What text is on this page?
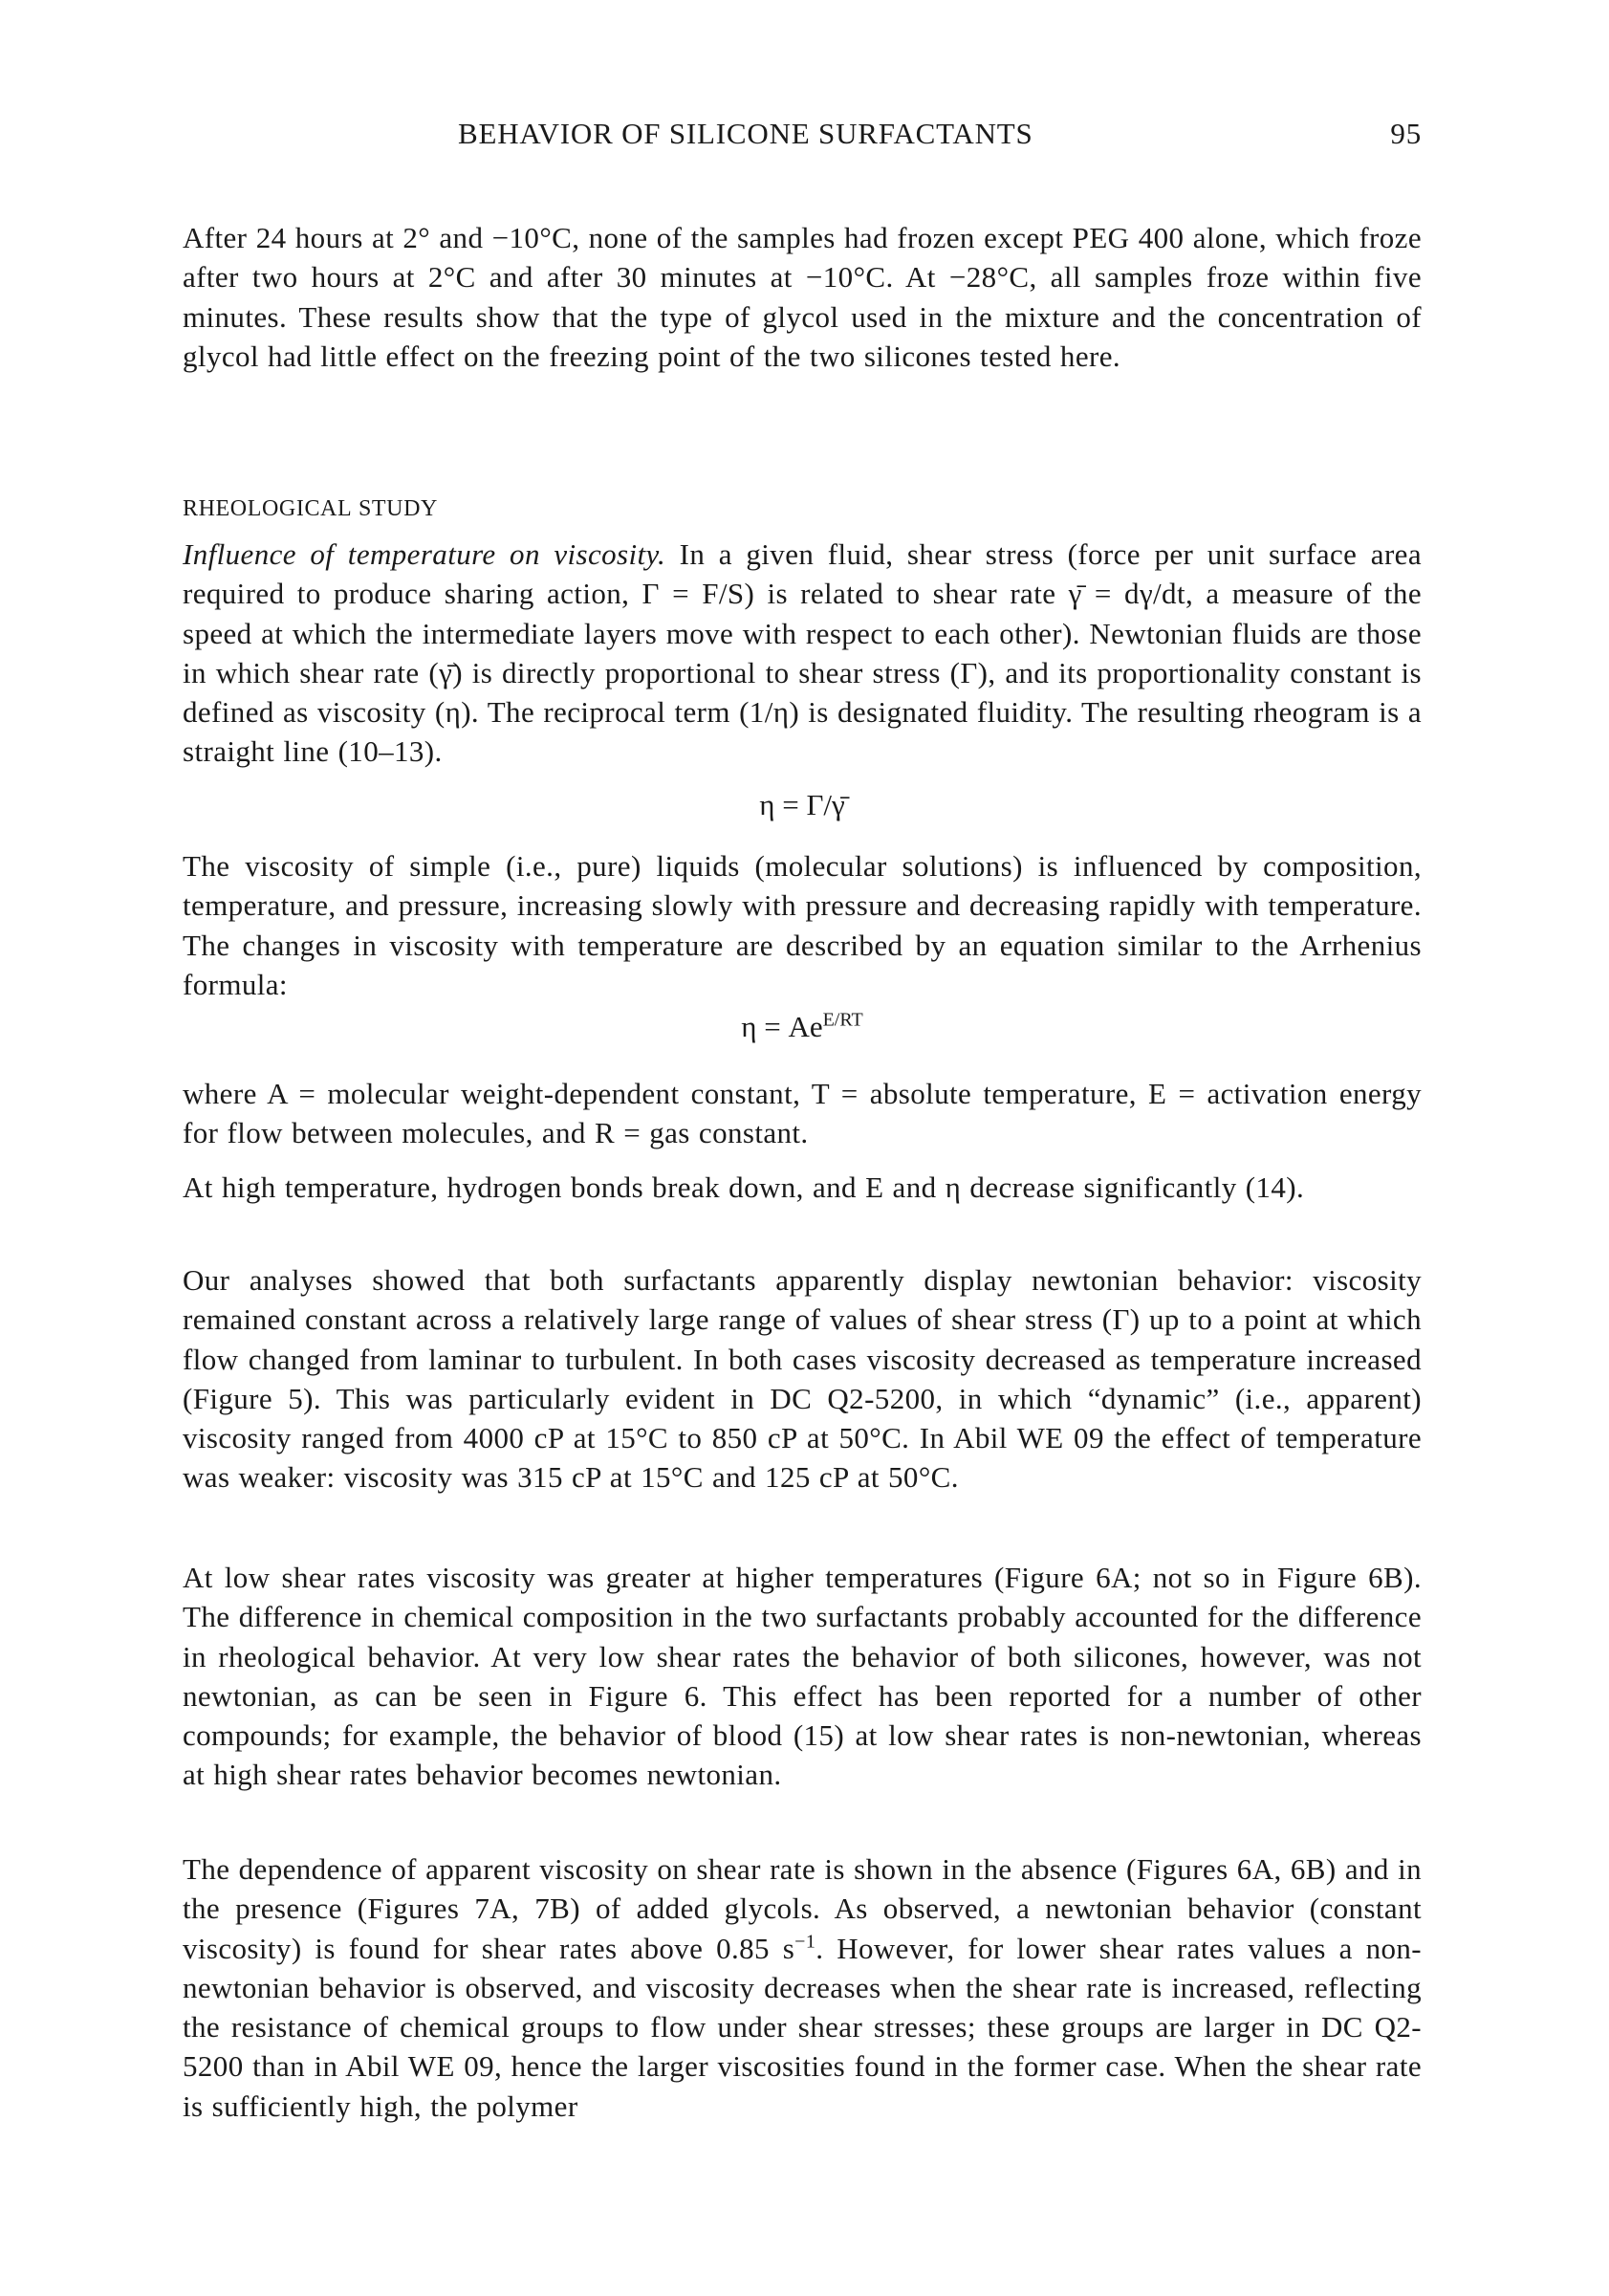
BEHAVIOR OF SILICONE SURFACTANTS	95
After 24 hours at 2° and −10°C, none of the samples had frozen except PEG 400 alone, which froze after two hours at 2°C and after 30 minutes at −10°C. At −28°C, all samples froze within five minutes. These results show that the type of glycol used in the mixture and the concentration of glycol had little effect on the freezing point of the two silicones tested here.
RHEOLOGICAL STUDY
Influence of temperature on viscosity. In a given fluid, shear stress (force per unit surface area required to produce sharing action, Γ = F/S) is related to shear rate γ̄ = dγ/dt, a measure of the speed at which the intermediate layers move with respect to each other). Newtonian fluids are those in which shear rate (γ̄) is directly proportional to shear stress (Γ), and its proportionality constant is defined as viscosity (η). The reciprocal term (1/η) is designated fluidity. The resulting rheogram is a straight line (10–13).
η = Γ/γ̄
The viscosity of simple (i.e., pure) liquids (molecular solutions) is influenced by composition, temperature, and pressure, increasing slowly with pressure and decreasing rapidly with temperature. The changes in viscosity with temperature are described by an equation similar to the Arrhenius formula:
$\eta = Ae^{E/RT}$
where A = molecular weight-dependent constant, T = absolute temperature, E = activation energy for flow between molecules, and R = gas constant.
At high temperature, hydrogen bonds break down, and E and η decrease significantly (14).
Our analyses showed that both surfactants apparently display newtonian behavior: viscosity remained constant across a relatively large range of values of shear stress (Γ) up to a point at which flow changed from laminar to turbulent. In both cases viscosity decreased as temperature increased (Figure 5). This was particularly evident in DC Q2-5200, in which “dynamic” (i.e., apparent) viscosity ranged from 4000 cP at 15°C to 850 cP at 50°C. In Abil WE 09 the effect of temperature was weaker: viscosity was 315 cP at 15°C and 125 cP at 50°C.
At low shear rates viscosity was greater at higher temperatures (Figure 6A; not so in Figure 6B). The difference in chemical composition in the two surfactants probably accounted for the difference in rheological behavior. At very low shear rates the behavior of both silicones, however, was not newtonian, as can be seen in Figure 6. This effect has been reported for a number of other compounds; for example, the behavior of blood (15) at low shear rates is non-newtonian, whereas at high shear rates behavior becomes newtonian.
The dependence of apparent viscosity on shear rate is shown in the absence (Figures 6A, 6B) and in the presence (Figures 7A, 7B) of added glycols. As observed, a newtonian behavior (constant viscosity) is found for shear rates above 0.85 $s^{-1}$. However, for lower shear rates values a non-newtonian behavior is observed, and viscosity decreases when the shear rate is increased, reflecting the resistance of chemical groups to flow under shear stresses; these groups are larger in DC Q2-5200 than in Abil WE 09, hence the larger viscosities found in the former case. When the shear rate is sufficiently high, the polymer
